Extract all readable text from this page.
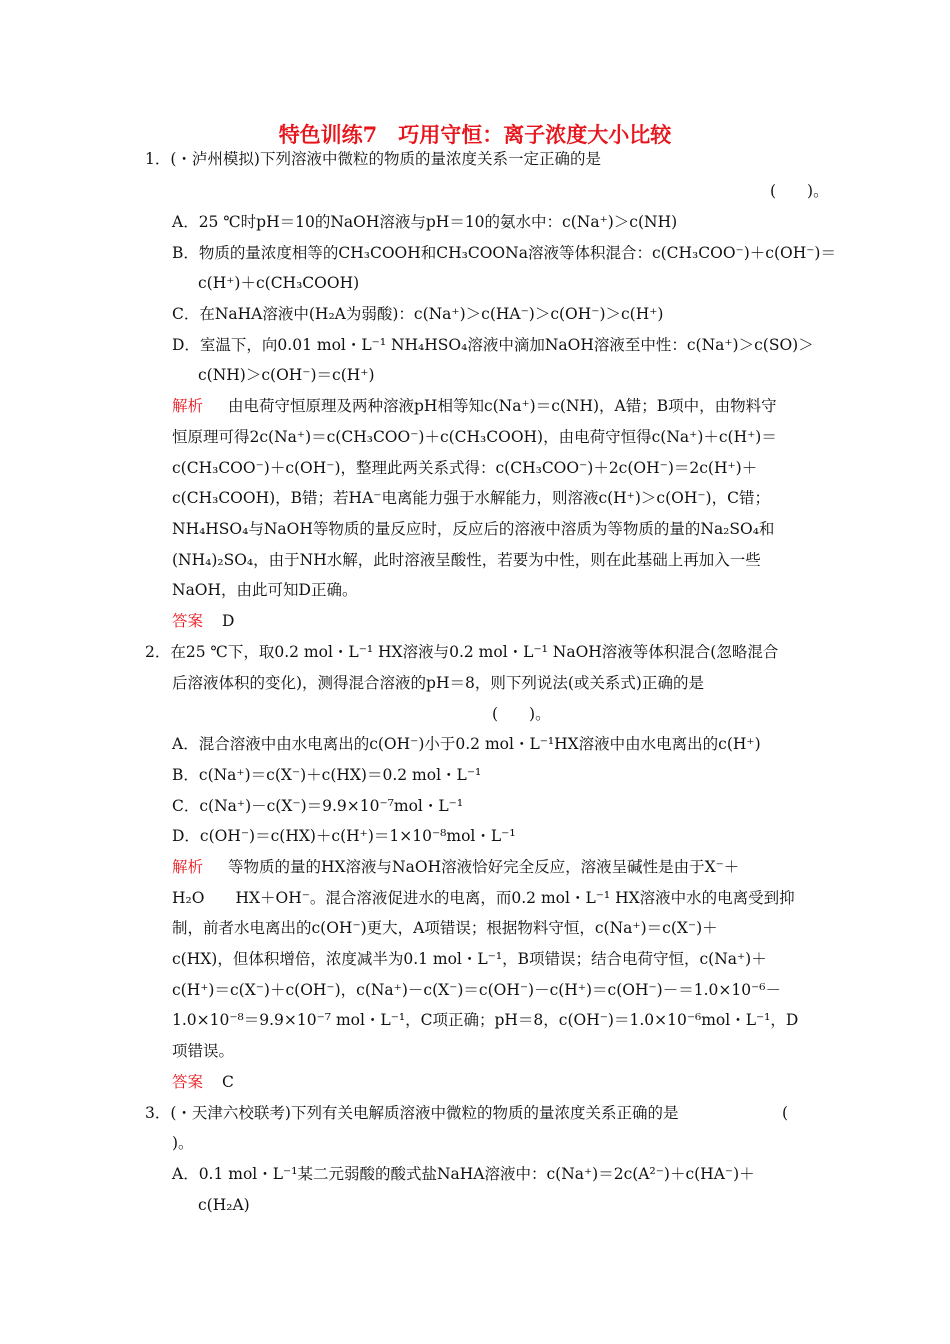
特色训练7　巧用守恒：离子浓度大小比较
1．(・泸州模拟)下列溶液中微粒的物质的量浓度关系一定正确的是
(　　)。
A．25 ℃时pH＝10的NaOH溶液与pH＝10的氨水中：c(Na⁺)＞c(NH)
B．物质的量浓度相等的CH₃COOH和CH₃COONa溶液等体积混合：c(CH₃COO⁻)＋c(OH⁻)＝
c(H⁺)＋c(CH₃COOH)
C．在NaHA溶液中(H₂A为弱酸)：c(Na⁺)＞c(HA⁻)＞c(OH⁻)＞c(H⁺)
D．室温下，向0.01 mol・L⁻¹ NH₄HSO₄溶液中滴加NaOH溶液至中性：c(Na⁺)＞c(SO)＞
c(NH)＞c(OH⁻)＝c(H⁺)
解析 由电荷守恒原理及两种溶液pH相等知c(Na⁺)＝c(NH)，A错；B项中，由物料守
恒原理可得2c(Na⁺)＝c(CH₃COO⁻)＋c(CH₃COOH)，由电荷守恒得c(Na⁺)＋c(H⁺)＝
c(CH₃COO⁻)＋c(OH⁻)，整理此两关系式得：c(CH₃COO⁻)＋2c(OH⁻)＝2c(H⁺)＋
c(CH₃COOH)，B错；若HA⁻电离能力强于水解能力，则溶液c(H⁺)＞c(OH⁻)，C错；
NH₄HSO₄与NaOH等物质的量反应时，反应后的溶液中溶质为等物质的量的Na₂SO₄和
(NH₄)₂SO₄，由于NH水解，此时溶液呈酸性，若要为中性，则在此基础上再加入一些
NaOH，由此可知D正确。
答案 D
2．在25 ℃下，取0.2 mol・L⁻¹ HX溶液与0.2 mol・L⁻¹ NaOH溶液等体积混合(忽略混合
后溶液体积的变化)，测得混合溶液的pH＝8，则下列说法(或关系式)正确的是
(　　)。
A．混合溶液中由水电离出的c(OH⁻)小于0.2 mol・L⁻¹HX溶液中由水电离出的c(H⁺)
B．c(Na⁺)＝c(X⁻)＋c(HX)＝0.2 mol・L⁻¹
C．c(Na⁺)－c(X⁻)＝9.9×10⁻⁷mol・L⁻¹
D．c(OH⁻)＝c(HX)＋c(H⁺)＝1×10⁻⁸mol・L⁻¹
解析 等物质的量的HX溶液与NaOH溶液恰好完全反应，溶液呈碱性是由于X⁻＋
H₂O　　HX＋OH⁻。混合溶液促进水的电离，而0.2 mol・L⁻¹ HX溶液中水的电离受到抑
制，前者水电离出的c(OH⁻)更大，A项错误；根据物料守恒，c(Na⁺)＝c(X⁻)＋
c(HX)，但体积增倍，浓度减半为0.1 mol・L⁻¹，B项错误；结合电荷守恒，c(Na⁺)＋
c(H⁺)＝c(X⁻)＋c(OH⁻)，c(Na⁺)－c(X⁻)＝c(OH⁻)－c(H⁺)＝c(OH⁻)－＝1.0×10⁻⁶－
1.0×10⁻⁸＝9.9×10⁻⁷ mol・L⁻¹，C项正确；pH＝8，c(OH⁻)＝1.0×10⁻⁶mol・L⁻¹，D
项错误。
答案 C
3．(・天津六校联考)下列有关电解质溶液中微粒的物质的量浓度关系正确的是	(
)。
A．0.1 mol・L⁻¹某二元弱酸的酸式盐NaHA溶液中：c(Na⁺)＝2c(A²⁻)＋c(HA⁻)＋
c(H₂A)
